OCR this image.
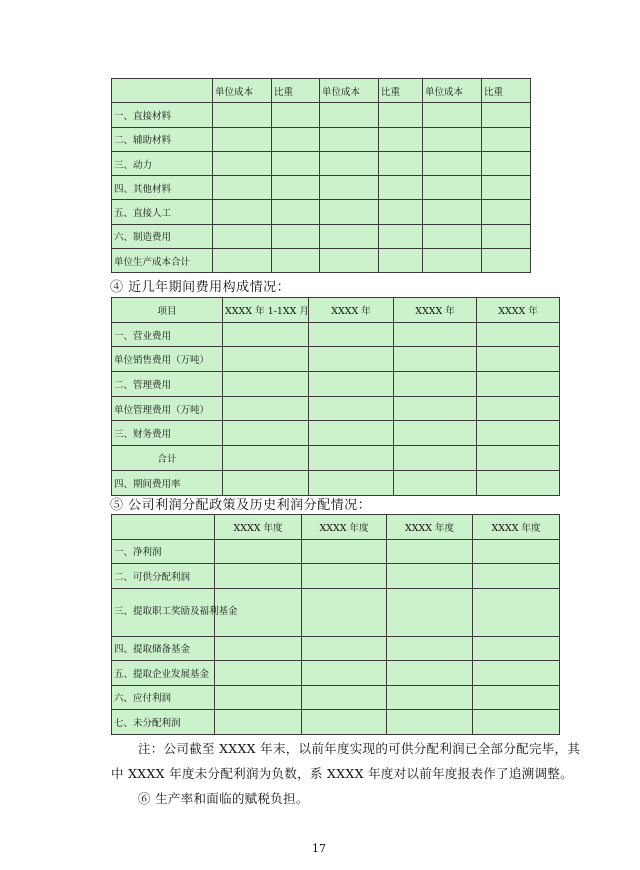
	单位成本	比重	单位成本	比重	单位成本	比重
一、直接材料						
二、辅助材料						
三、动力						
四、其他材料						
五、直接人工						
六、制造费用						
单位生产成本合计						
④ 近几年期间费用构成情况：
项目	XXXX 年 1-1XX 月	XXXX 年	XXXX 年	XXXX 年
一、营业费用				
单位销售费用（万吨）				
二、管理费用				
单位管理费用（万吨）				
三、财务费用				
合计				
四、期间费用率				
⑤ 公司利润分配政策及历史利润分配情况：
	XXXX 年度	XXXX 年度	XXXX 年度	XXXX 年度
一、净利润				
二、可供分配利润				
三、提取职工奖励及福利基金				
四、提取储备基金				
五、提取企业发展基金				
六、应付利润				
七、未分配利润				
注：公司截至 XXXX 年末，以前年度实现的可供分配利润已全部分配完毕，其
中 XXXX 年度未分配利润为负数，系 XXXX 年度对以前年度报表作了追溯调整。
⑥ 生产率和面临的赋税负担。
17
